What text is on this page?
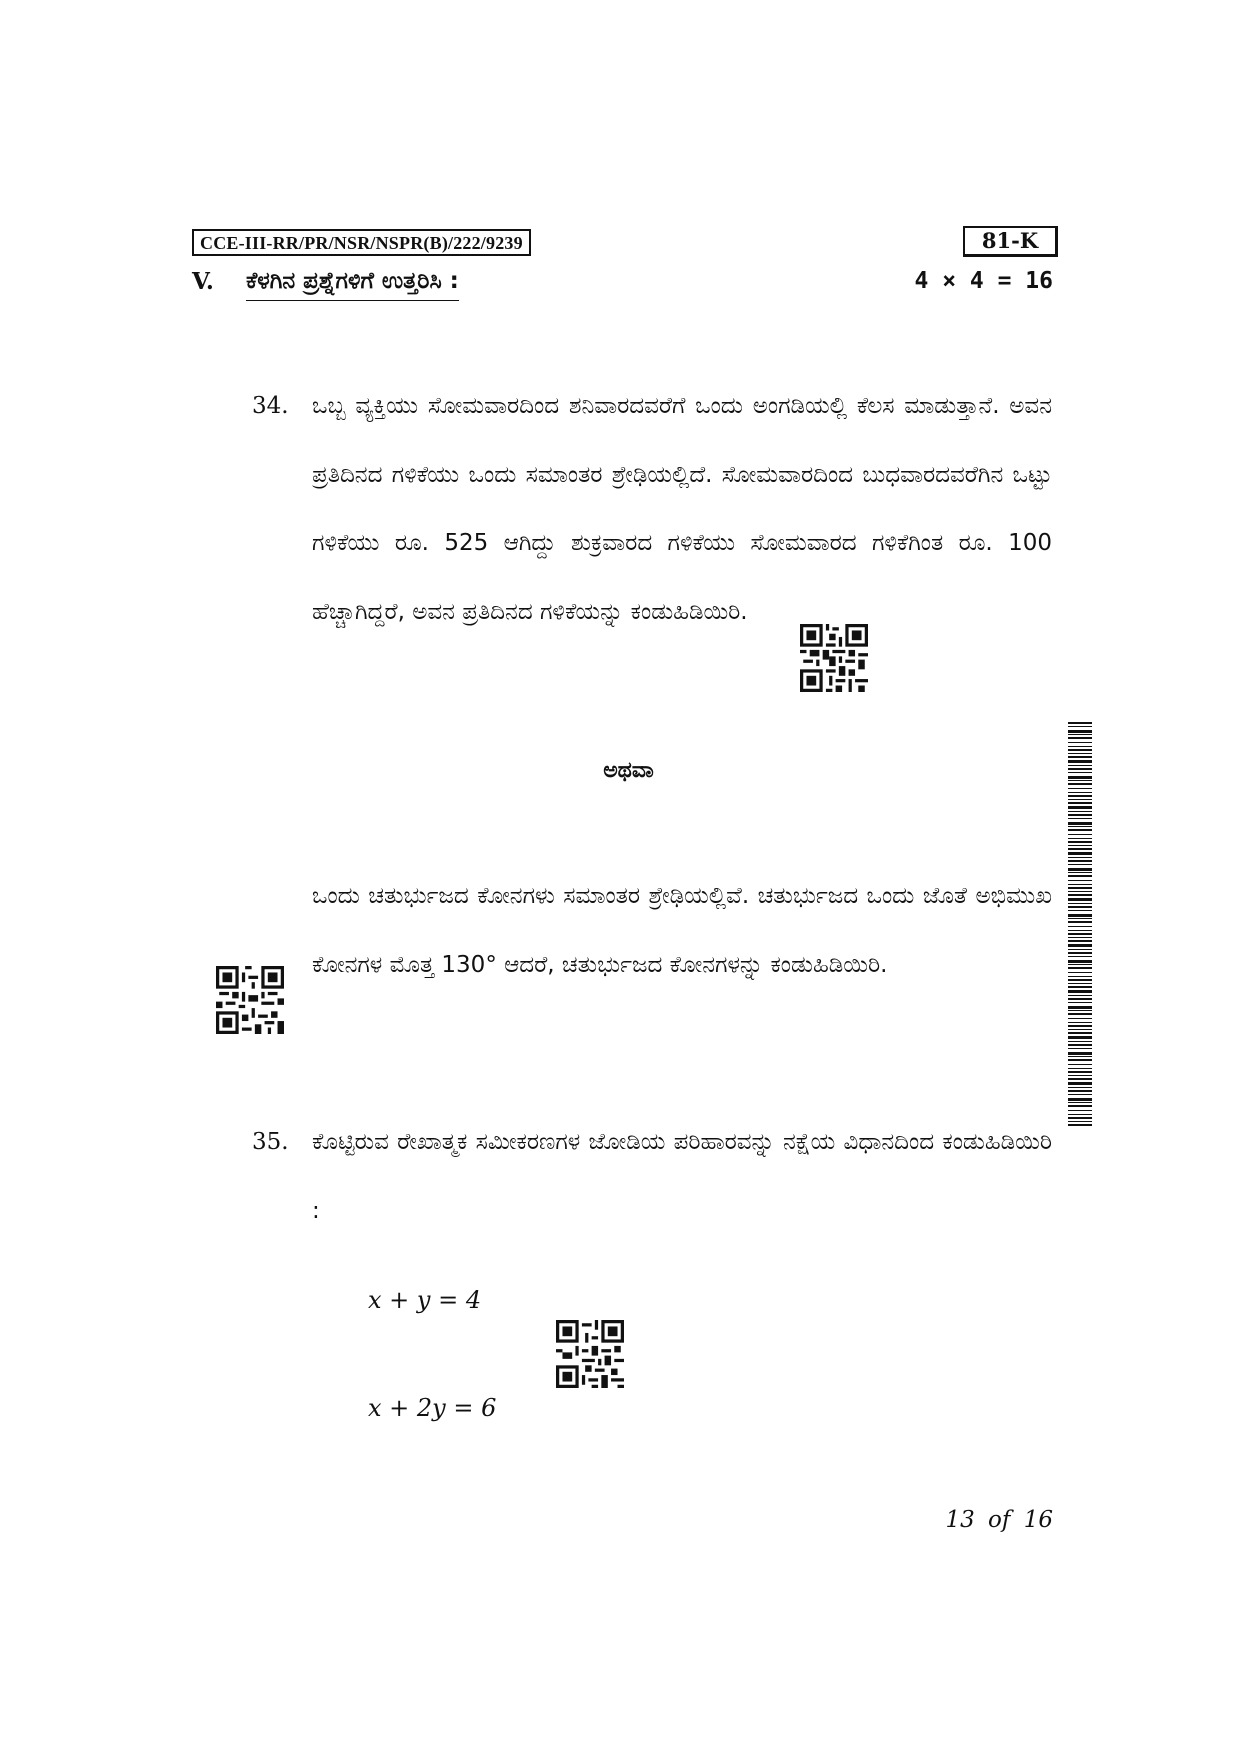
CCE-III-RR/PR/NSR/NSPR(B)/222/9239	81-K
V. ಕೆಳಗಿನ ಪ್ರಶ್ನೆಗಳಿಗೆ ಉತ್ತರಿಸಿ :	4 × 4 = 16
34. ಒಬ್ಬ ವ್ಯಕ್ತಿಯು ಸೋಮವಾರದಿಂದ ಶನಿವಾರದವರೆಗೆ ಒಂದು ಅಂಗಡಿಯಲ್ಲಿ ಕೆಲಸ ಮಾಡುತ್ತಾನೆ. ಅವನ ಪ್ರತಿದಿನದ ಗಳಿಕೆಯು ಒಂದು ಸಮಾಂತರ ಶ್ರೇಢಿಯಲ್ಲಿದೆ. ಸೋಮವಾರದಿಂದ ಬುಧವಾರದವರೆಗಿನ ಒಟ್ಟು ಗಳಿಕೆಯು ರೂ. 525 ಆಗಿದ್ದು ಶುಕ್ರವಾರದ ಗಳಿಕೆಯು ಸೋಮವಾರದ ಗಳಿಕೆಗಿಂತ ರೂ. 100 ಹೆಚ್ಚಾಗಿದ್ದರೆ, ಅವನ ಪ್ರತಿದಿನದ ಗಳಿಕೆಯನ್ನು ಕಂಡುಹಿಡಿಯಿರಿ.
ಅಥವಾ
ಒಂದು ಚತುರ್ಭುಜದ ಕೋನಗಳು ಸಮಾಂತರ ಶ್ರೇಢಿಯಲ್ಲಿವೆ. ಚತುರ್ಭುಜದ ಒಂದು ಜೊತೆ ಅಭಿಮುಖ ಕೋನಗಳ ಮೊತ್ತ 130° ಆದರೆ, ಚತುರ್ಭುಜದ ಕೋನಗಳನ್ನು ಕಂಡುಹಿಡಿಯಿರಿ.
35. ಕೊಟ್ಟಿರುವ ರೇಖಾತ್ಮಕ ಸಮೀಕರಣಗಳ ಜೋಡಿಯ ಪರಿಹಾರವನ್ನು ನಕ್ಷೆಯ ವಿಧಾನದಿಂದ ಕಂಡುಹಿಡಿಯಿರಿ :
x + y = 4
x + 2y = 6
13 of 16
